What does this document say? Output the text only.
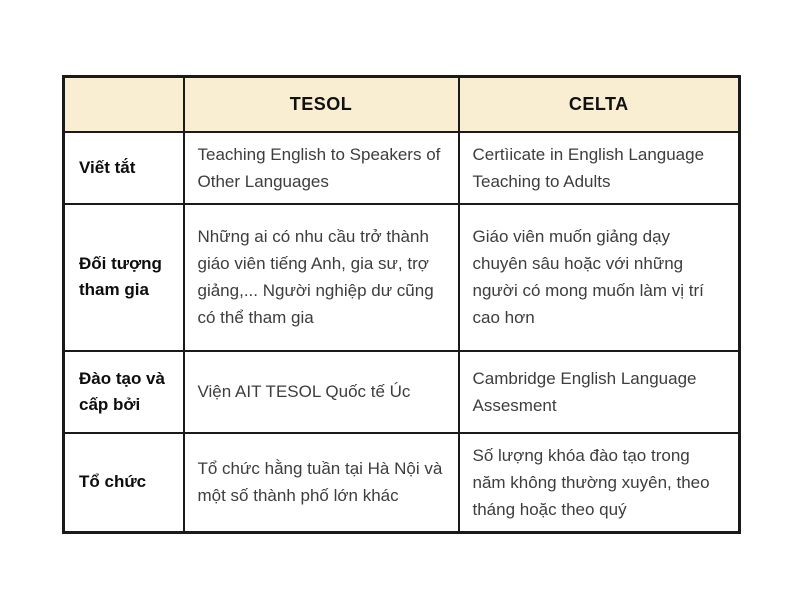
	TESOL	CELTA
Viết tắt	Teaching English to Speakers of Other Languages	Certìicate in English Language Teaching to Adults
Đối tượng tham gia	Những ai có nhu cầu trở thành giáo viên tiếng Anh, gia sư, trợ giảng,... Người nghiệp dư cũng có thể tham gia	Giáo viên muốn giảng dạy chuyên sâu hoặc với những người có mong muốn làm vị trí cao hơn
Đào tạo và cấp bởi	Viện AIT TESOL Quốc tế Úc	Cambridge English Language Assesment
Tổ chức	Tổ chức hằng tuần tại Hà Nội và một số thành phố lớn khác	Số lượng khóa đào tạo trong năm không thường xuyên, theo tháng hoặc theo quý
